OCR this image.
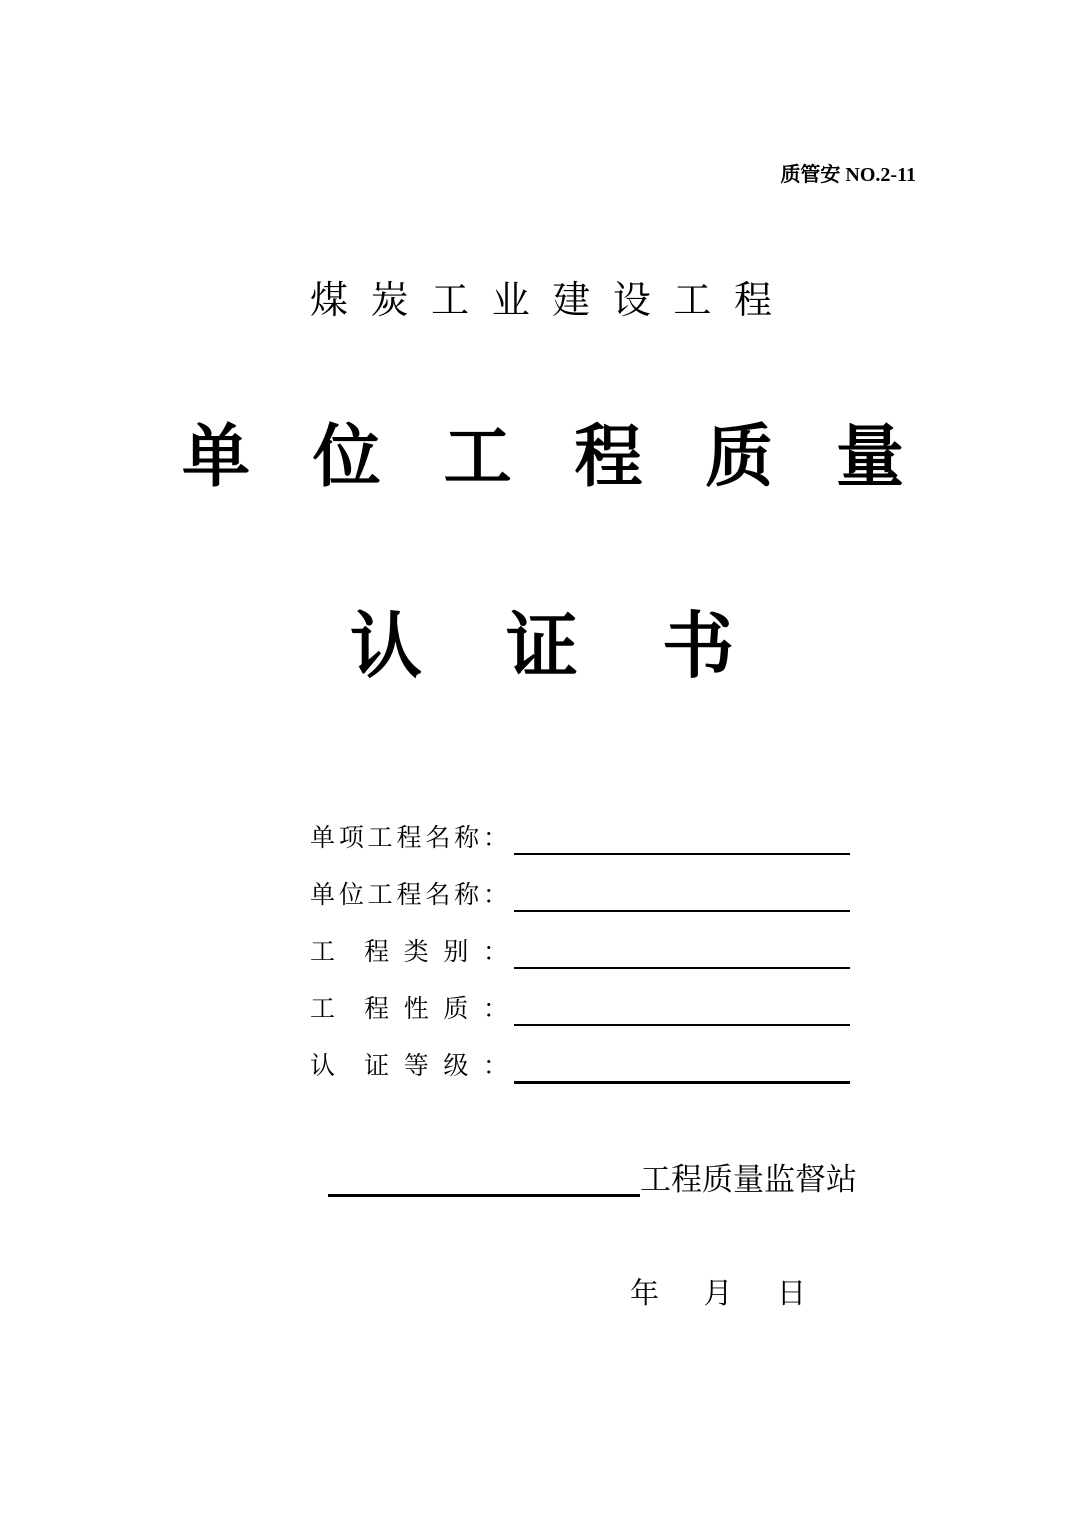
质管安 NO.2-11
煤 炭 工 业 建 设 工 程
单 位 工 程 质 量
认 证 书
单 项 工 程 名 称 ：
单 位 工 程 名 称 ：
工 程 类 别 ：
工 程 性 质 ：
认 证 等 级 ：
工程质量监督站
年 月 日
